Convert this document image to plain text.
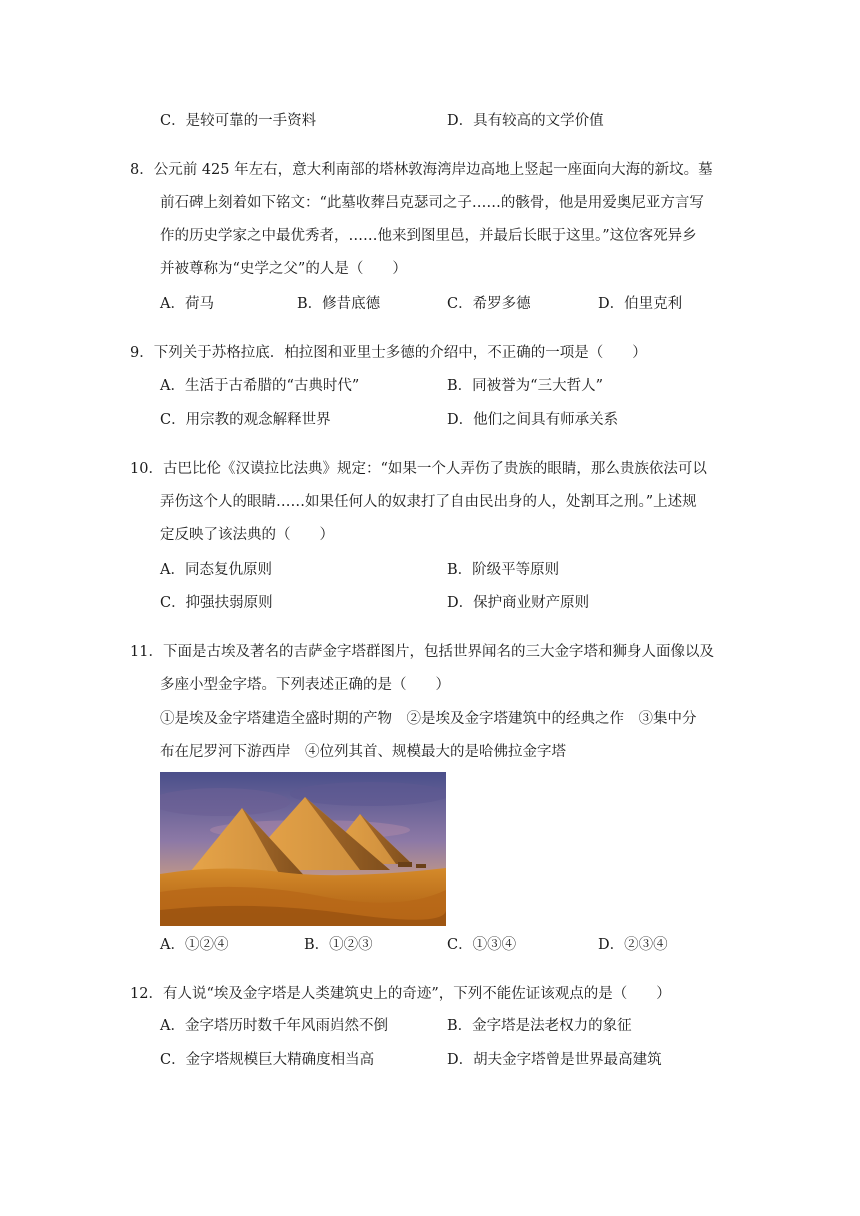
C．是较可靠的一手资料	D．具有较高的文学价值
8．公元前 425 年左右，意大利南部的塔林敦海湾岸边高地上竖起一座面向大海的新坟。墓
前石碑上刻着如下铭文：“此墓收葬吕克瑟司之子……的骸骨，他是用爱奥尼亚方言写
作的历史学家之中最优秀者，……他来到图里邑，并最后长眠于这里。”这位客死异乡
并被尊称为“史学之父”的人是（　　）
A．荷马	B．修昔底德	C．希罗多德	D．伯里克利
9．下列关于苏格拉底．柏拉图和亚里士多德的介绍中，不正确的一项是（　　）
A．生活于古希腊的“古典时代”	B．同被誉为“三大哲人”
C．用宗教的观念解释世界	D．他们之间具有师承关系
10．古巴比伦《汉谟拉比法典》规定：“如果一个人弄伤了贵族的眼睛，那么贵族依法可以
弄伤这个人的眼睛……如果任何人的奴隶打了自由民出身的人，处割耳之刑。”上述规
定反映了该法典的（　　）
A．同态复仇原则	B．阶级平等原则
C．抑强扶弱原则	D．保护商业财产原则
11．下面是古埃及著名的吉萨金字塔群图片，包括世界闻名的三大金字塔和狮身人面像以及
多座小型金字塔。下列表述正确的是（　　）
①是埃及金字塔建造全盛时期的产物　②是埃及金字塔建筑中的经典之作　③集中分
布在尼罗河下游西岸　④位列其首、规模最大的是哈佛拉金字塔
A．①②④	B．①②③	C．①③④	D．②③④
12．有人说“埃及金字塔是人类建筑史上的奇迹”，下列不能佐证该观点的是（　　）
A．金字塔历时数千年风雨岿然不倒	B．金字塔是法老权力的象征
C．金字塔规模巨大精确度相当高	D．胡夫金字塔曾是世界最高建筑
